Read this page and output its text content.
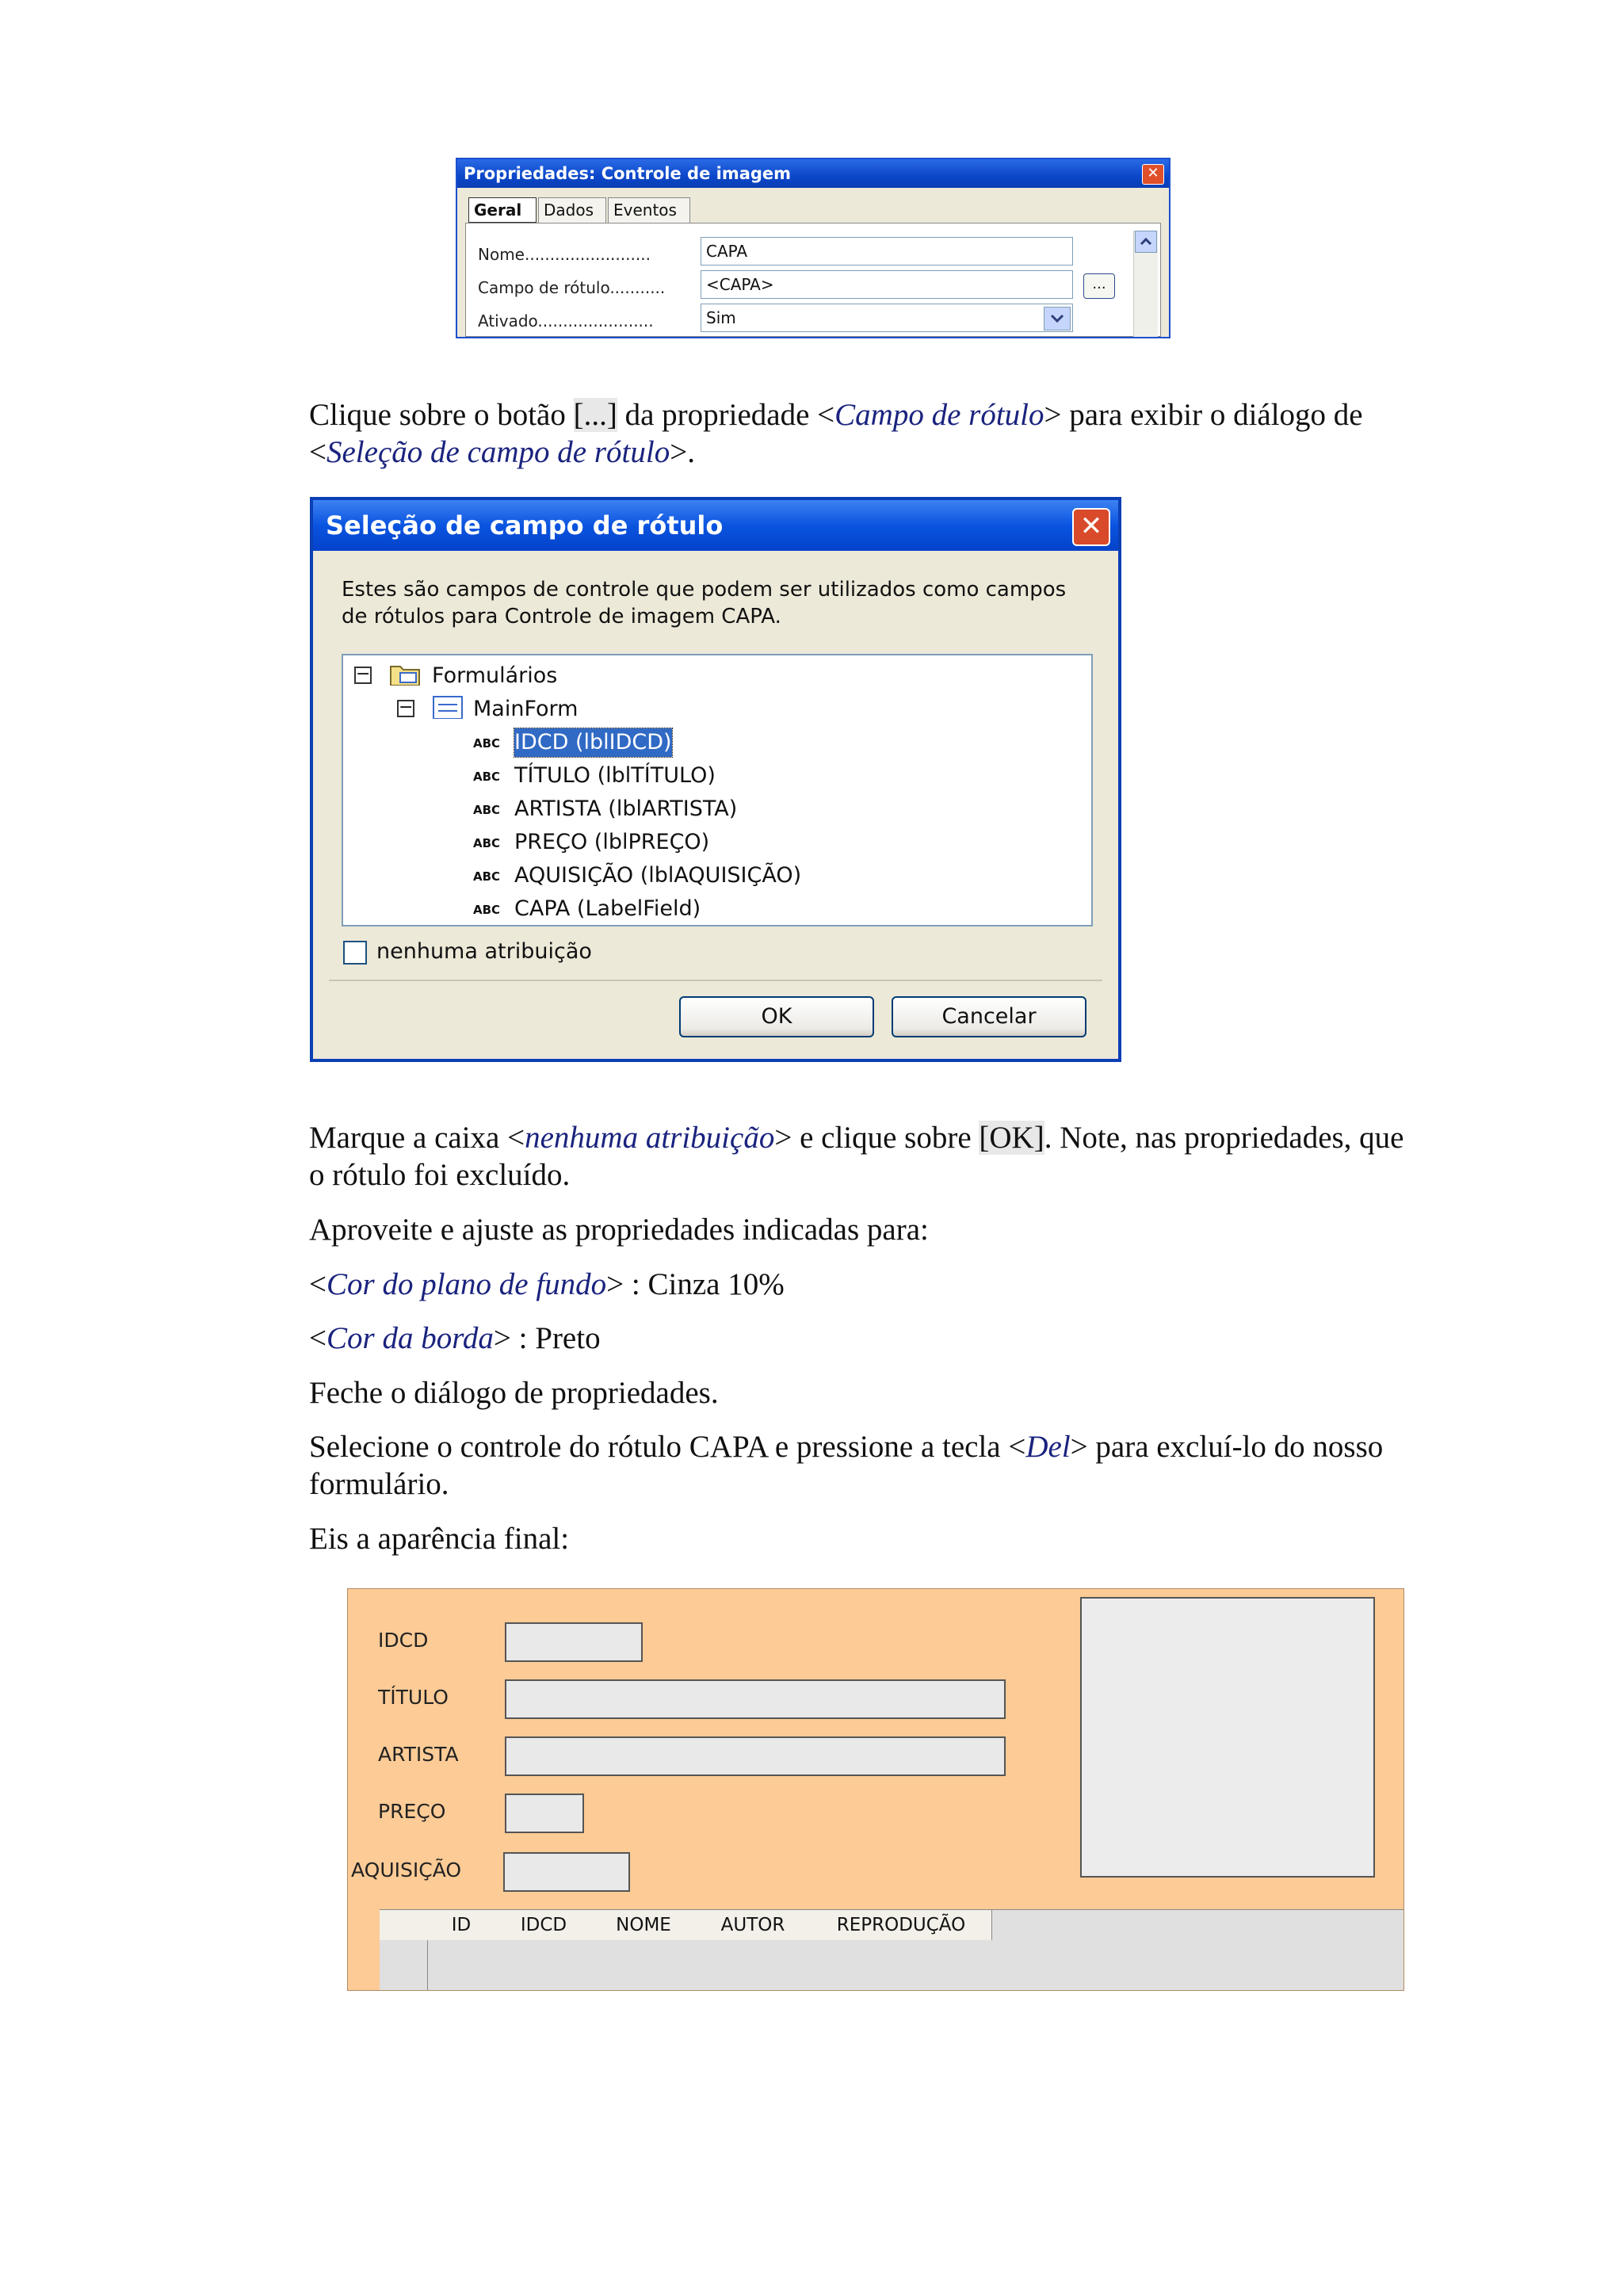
Propriedades: Controle de imagem	✕
Geral	Dados	Eventos
Nome.........................	CAPA
Campo de rótulo...........	<CAPA>	...
Ativado.......................	Sim
Clique sobre o botão [...] da propriedade <Campo de rótulo> para exibir o diálogo de
<Seleção de campo de rótulo>.
Seleção de campo de rótulo	✕
Estes são campos de controle que podem ser utilizados como campos de rótulos para Controle de imagem CAPA.
−	Formulários
−	MainForm
ABC IDCD (lblIDCD)
ABC TÍTULO (lblTÍTULO)
ABC ARTISTA (lblARTISTA)
ABC PREÇO (lblPREÇO)
ABC AQUISIÇÃO (lblAQUISIÇÃO)
ABC CAPA (LabelField)
nenhuma atribuição
OK	Cancelar
Marque a caixa <nenhuma atribuição> e clique sobre [OK]. Note, nas propriedades, que
o rótulo foi excluído.
Aproveite e ajuste as propriedades indicadas para:
<Cor do plano de fundo> : Cinza 10%
<Cor da borda> : Preto
Feche o diálogo de propriedades.
Selecione o controle do rótulo CAPA e pressione a tecla <Del> para excluí-lo do nosso
formulário.
Eis a aparência final:
IDCD
TÍTULO
ARTISTA
PREÇO
AQUISIÇÃO
ID	IDCD	NOME	AUTOR	REPRODUÇÃO
